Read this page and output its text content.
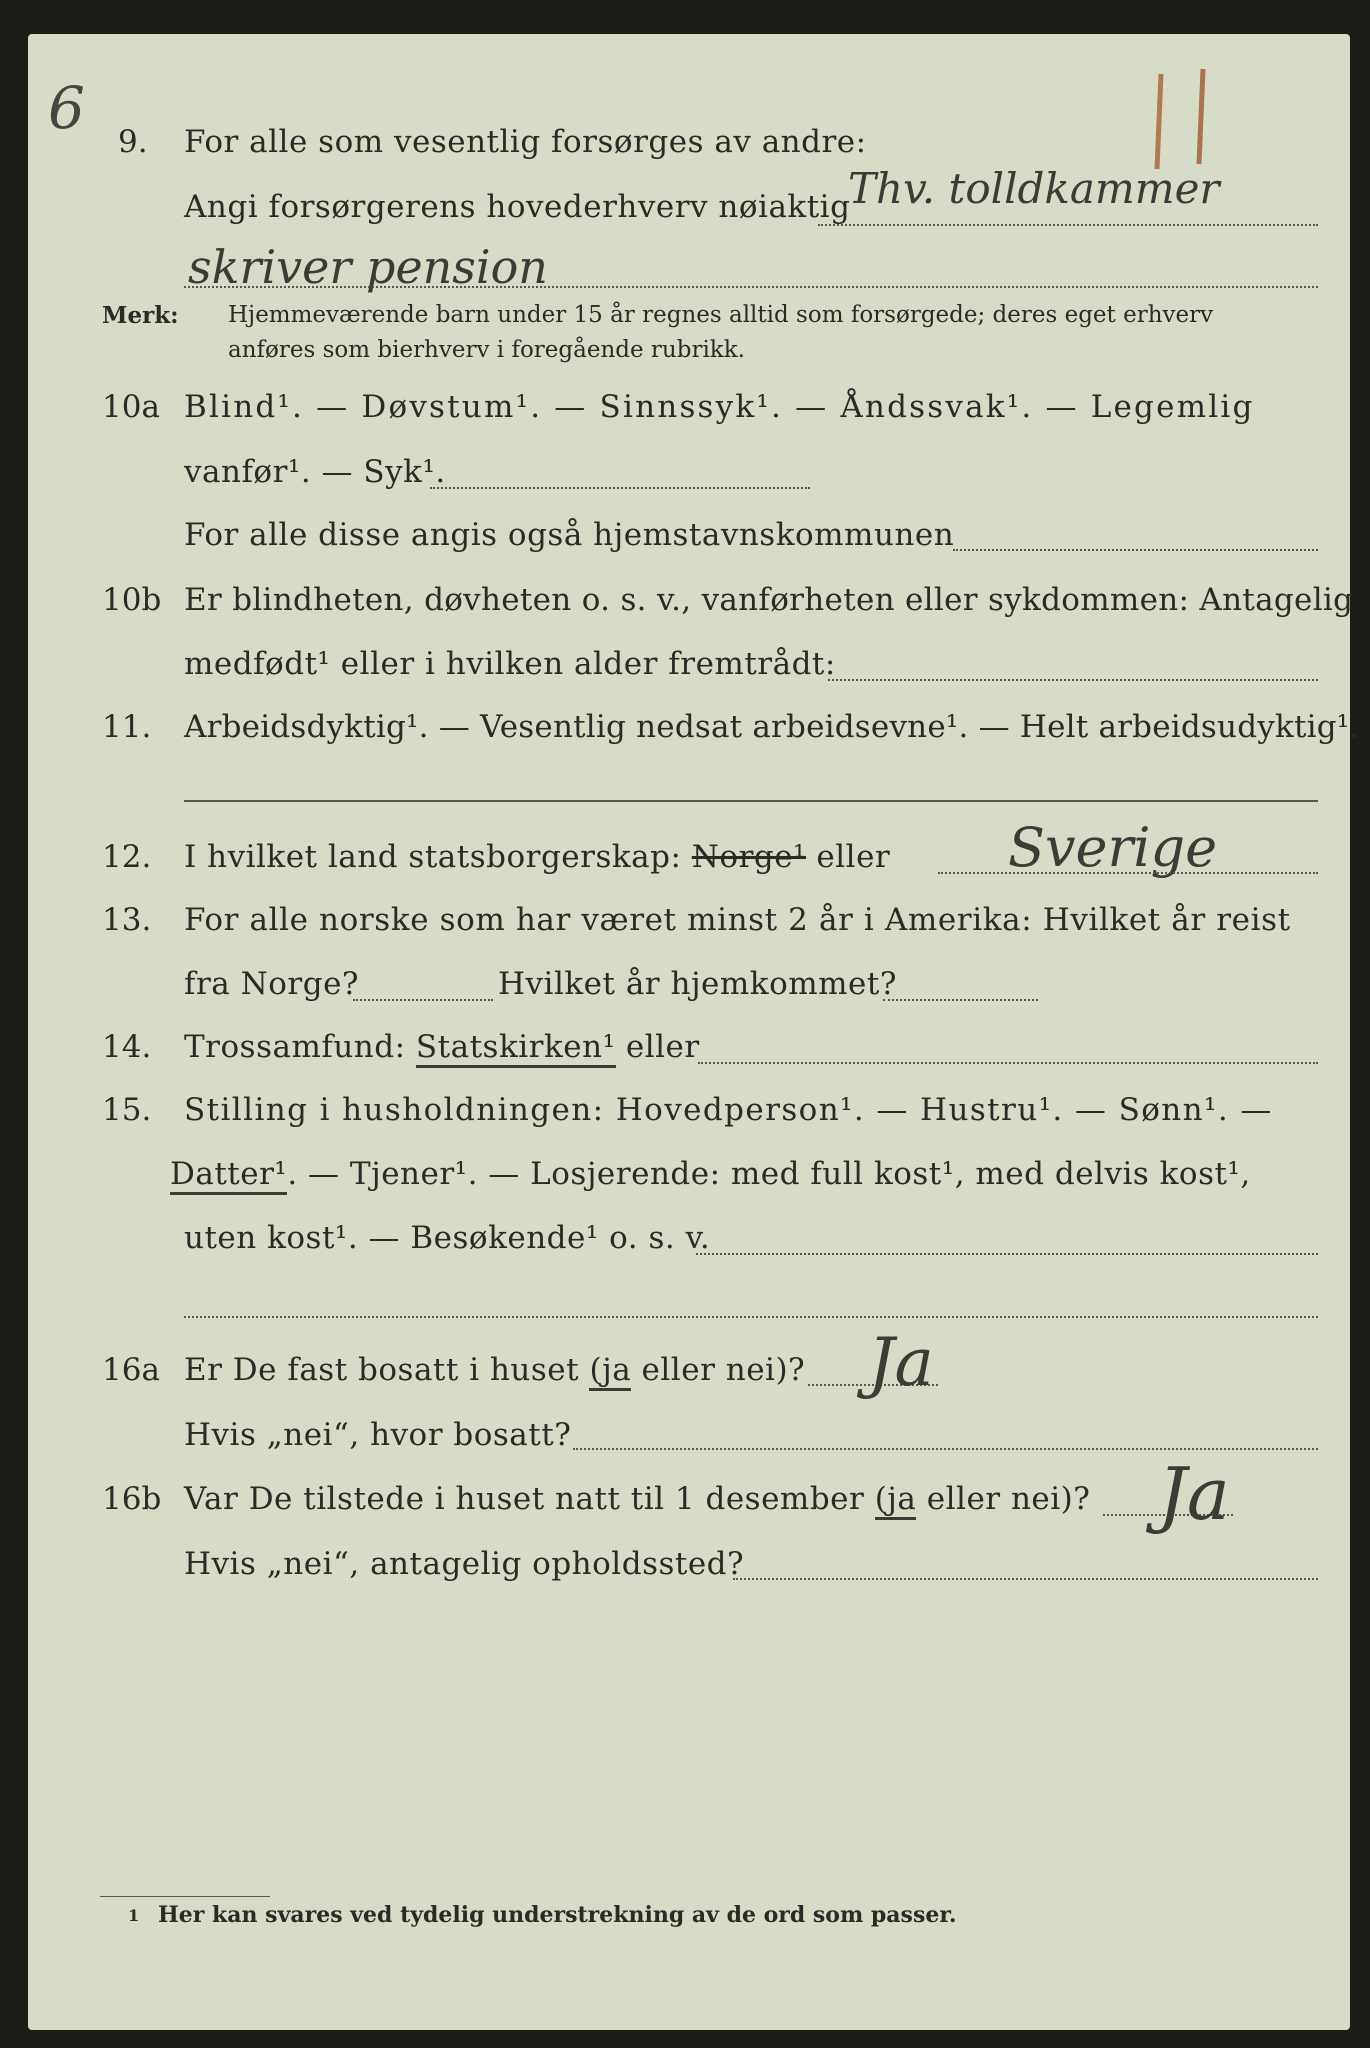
6 9. For alle som vesentlig forsørges av andre:
Angi forsørgerens hovederhverv nøiaktig
Thv. tolldkammer
skriver pension
Merk: Hjemmeværende barn under 15 år regnes alltid som forsørgede; deres eget erhverv
anføres som bierhverv i foregående rubrikk.
10a Blind¹. — Døvstum¹. — Sinnssyk¹. — Åndssvak¹. — Legemlig
vanfør¹. — Syk¹.
For alle disse angis også hjemstavnskommunen
10b Er blindheten, døvheten o. s. v., vanførheten eller sykdommen: Antagelig
medfødt¹ eller i hvilken alder fremtrådt:
11. Arbeidsdyktig¹. — Vesentlig nedsat arbeidsevne¹. — Helt arbeidsudyktig¹.
12. I hvilket land statsborgerskap: Norge¹ eller Sverige
13. For alle norske som har været minst 2 år i Amerika: Hvilket år reist
fra Norge?	Hvilket år hjemkommet?
14. Trossamfund: Statskirken¹ eller
15. Stilling i husholdningen: Hovedperson¹. — Hustru¹. — Sønn¹. —
Datter¹. — Tjener¹. — Losjerende: med full kost¹, med delvis kost¹,
uten kost¹. — Besøkende¹ o. s. v.
16a Er De fast bosatt i huset (ja eller nei)? Ja
Hvis „nei“, hvor bosatt?
16b Var De tilstede i huset natt til 1 desember (ja eller nei)? Ja
Hvis „nei“, antagelig opholdssted?
1 Her kan svares ved tydelig understrekning av de ord som passer.
